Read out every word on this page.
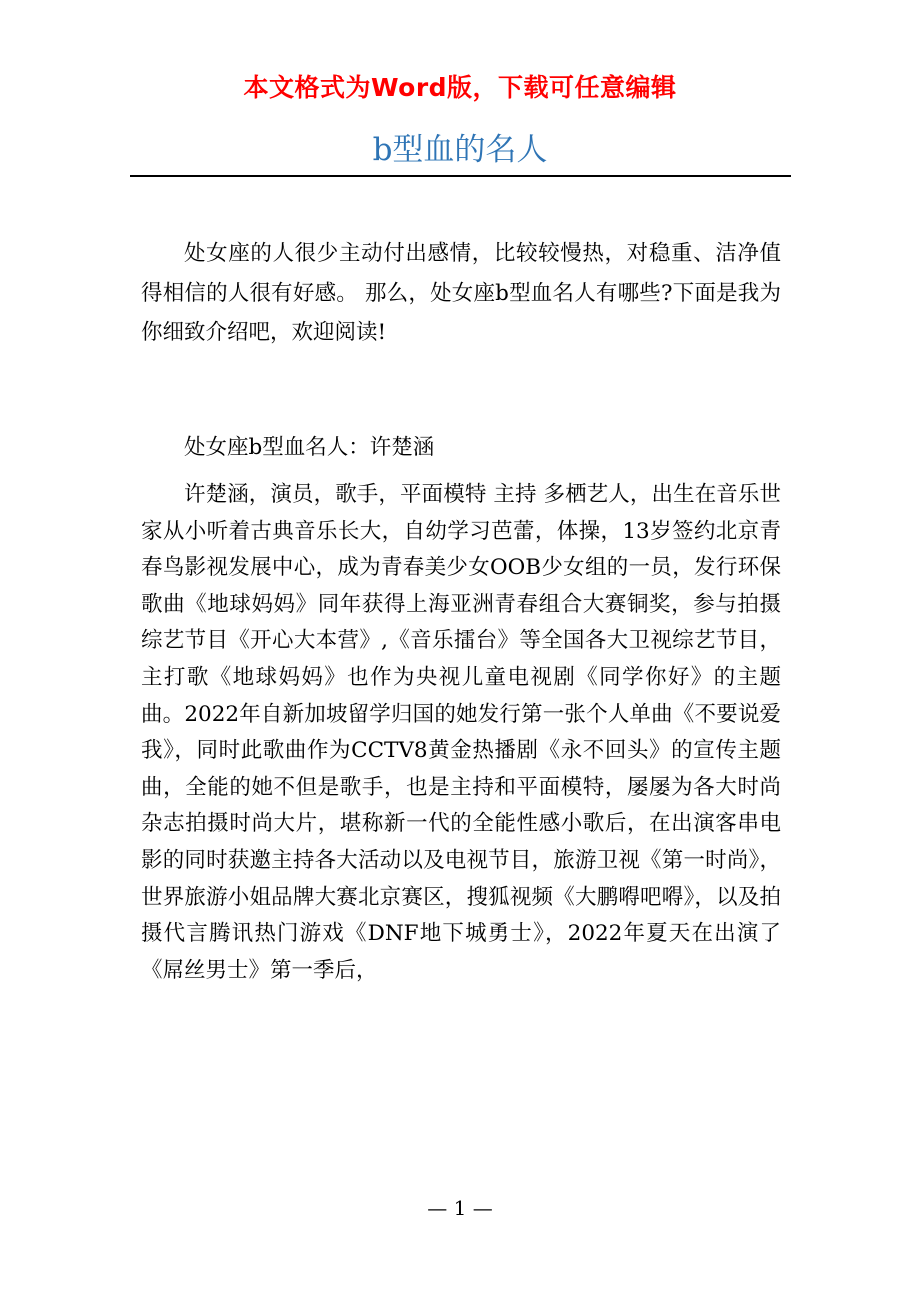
本文格式为Word版，下载可任意编辑
b型血的名人

处女座的人很少主动付出感情，比较较慢热，对稳重、洁净值得相信的人很有好感。 那么，处女座b型血名人有哪些?下面是我为你细致介绍吧，欢迎阅读!

处女座b型血名人：许楚涵

许楚涵，演员，歌手，平面模特 主持 多栖艺人，出生在音乐世家从小听着古典音乐长大，自幼学习芭蕾，体操，13岁签约北京青春鸟影视发展中心，成为青春美少女OOB少女组的一员，发行环保歌曲《地球妈妈》同年获得上海亚洲青春组合大赛铜奖，参与拍摄综艺节目《开心大本营》,《音乐擂台》等全国各大卫视综艺节目，主打歌《地球妈妈》也作为央视儿童电视剧《同学你好》的主题曲。2022年自新加坡留学归国的她发行第一张个人单曲《不要说爱我》，同时此歌曲作为CCTV8黄金热播剧《永不回头》的宣传主题曲，全能的她不但是歌手，也是主持和平面模特，屡屡为各大时尚杂志拍摄时尚大片，堪称新一代的全能性感小歌后，在出演客串电影的同时获邀主持各大活动以及电视节目，旅游卫视《第一时尚》，世界旅游小姐品牌大赛北京赛区，搜狐视频《大鹏嘚吧嘚》，以及拍摄代言腾讯热门游戏《DNF地下城勇士》，2022年夏天在出演了《屌丝男士》第一季后，

— 1 —
